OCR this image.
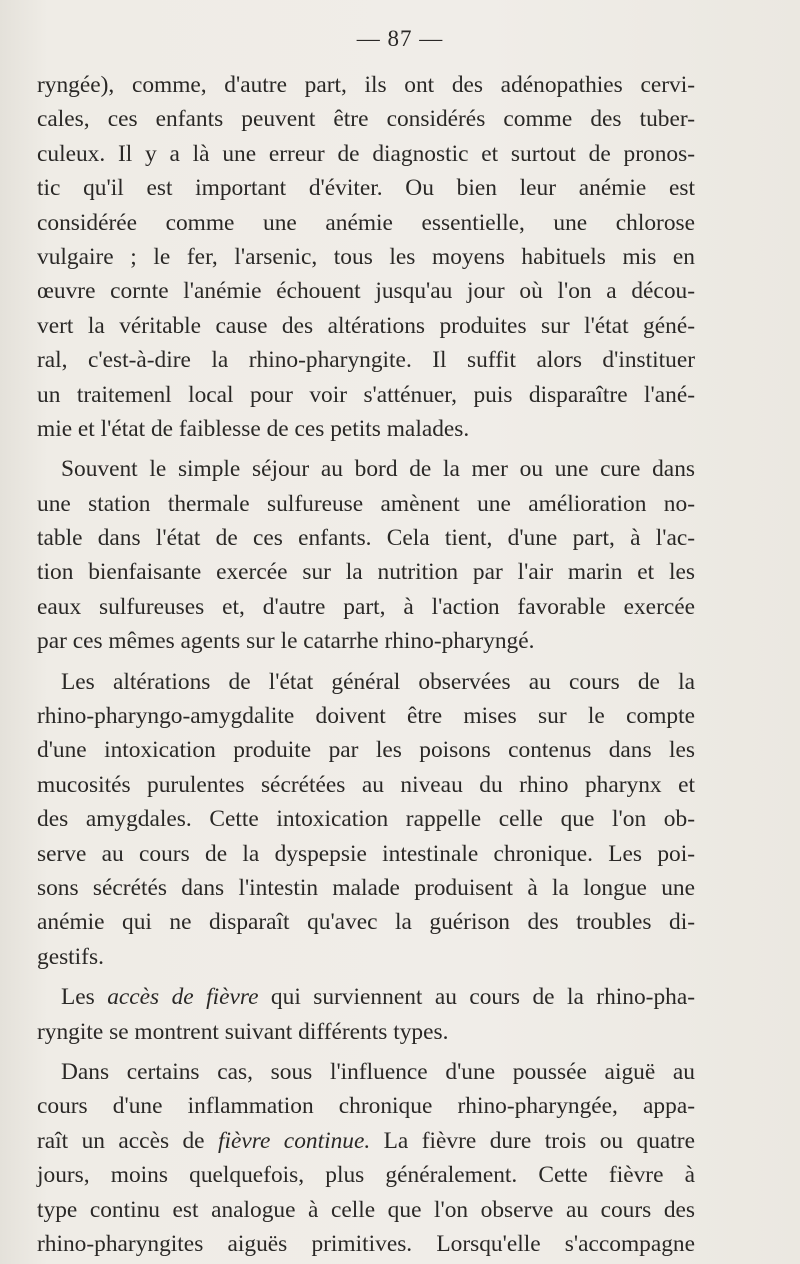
— 87 —
ryngée), comme, d'autre part, ils ont des adénopathies cervi-
cales, ces enfants peuvent être considérés comme des tuber-
culeux. Il y a là une erreur de diagnostic et surtout de pronos-
tic qu'il est important d'éviter. Ou bien leur anémie est
considérée comme une anémie essentielle, une chlorose
vulgaire ; le fer, l'arsenic, tous les moyens habituels mis en
œuvre cornte l'anémie échouent jusqu'au jour où l'on a décou-
vert la véritable cause des altérations produites sur l'état géné-
ral, c'est-à-dire la rhino-pharyngite. Il suffit alors d'instituer
un traitemenl local pour voir s'atténuer, puis disparaître l'ané-
mie et l'état de faiblesse de ces petits malades.
Souvent le simple séjour au bord de la mer ou une cure dans
une station thermale sulfureuse amènent une amélioration no-
table dans l'état de ces enfants. Cela tient, d'une part, à l'ac-
tion bienfaisante exercée sur la nutrition par l'air marin et les
eaux sulfureuses et, d'autre part, à l'action favorable exercée
par ces mêmes agents sur le catarrhe rhino-pharyngé.
Les altérations de l'état général observées au cours de la
rhino-pharyngo-amygdalite doivent être mises sur le compte
d'une intoxication produite par les poisons contenus dans les
mucosités purulentes sécrétées au niveau du rhino pharynx et
des amygdales. Cette intoxication rappelle celle que l'on ob-
serve au cours de la dyspepsie intestinale chronique. Les poi-
sons sécrétés dans l'intestin malade produisent à la longue une
anémie qui ne disparaît qu'avec la guérison des troubles di-
gestifs.
Les accès de fièvre qui surviennent au cours de la rhino-pha-
ryngite se montrent suivant différents types.
Dans certains cas, sous l'influence d'une poussée aiguë au
cours d'une inflammation chronique rhino-pharyngée, appa-
raît un accès de fièvre continue. La fièvre dure trois ou quatre
jours, moins quelquefois, plus généralement. Cette fièvre à
type continu est analogue à celle que l'on observe au cours des
rhino-pharyngites aiguës primitives. Lorsqu'elle s'accompagne
